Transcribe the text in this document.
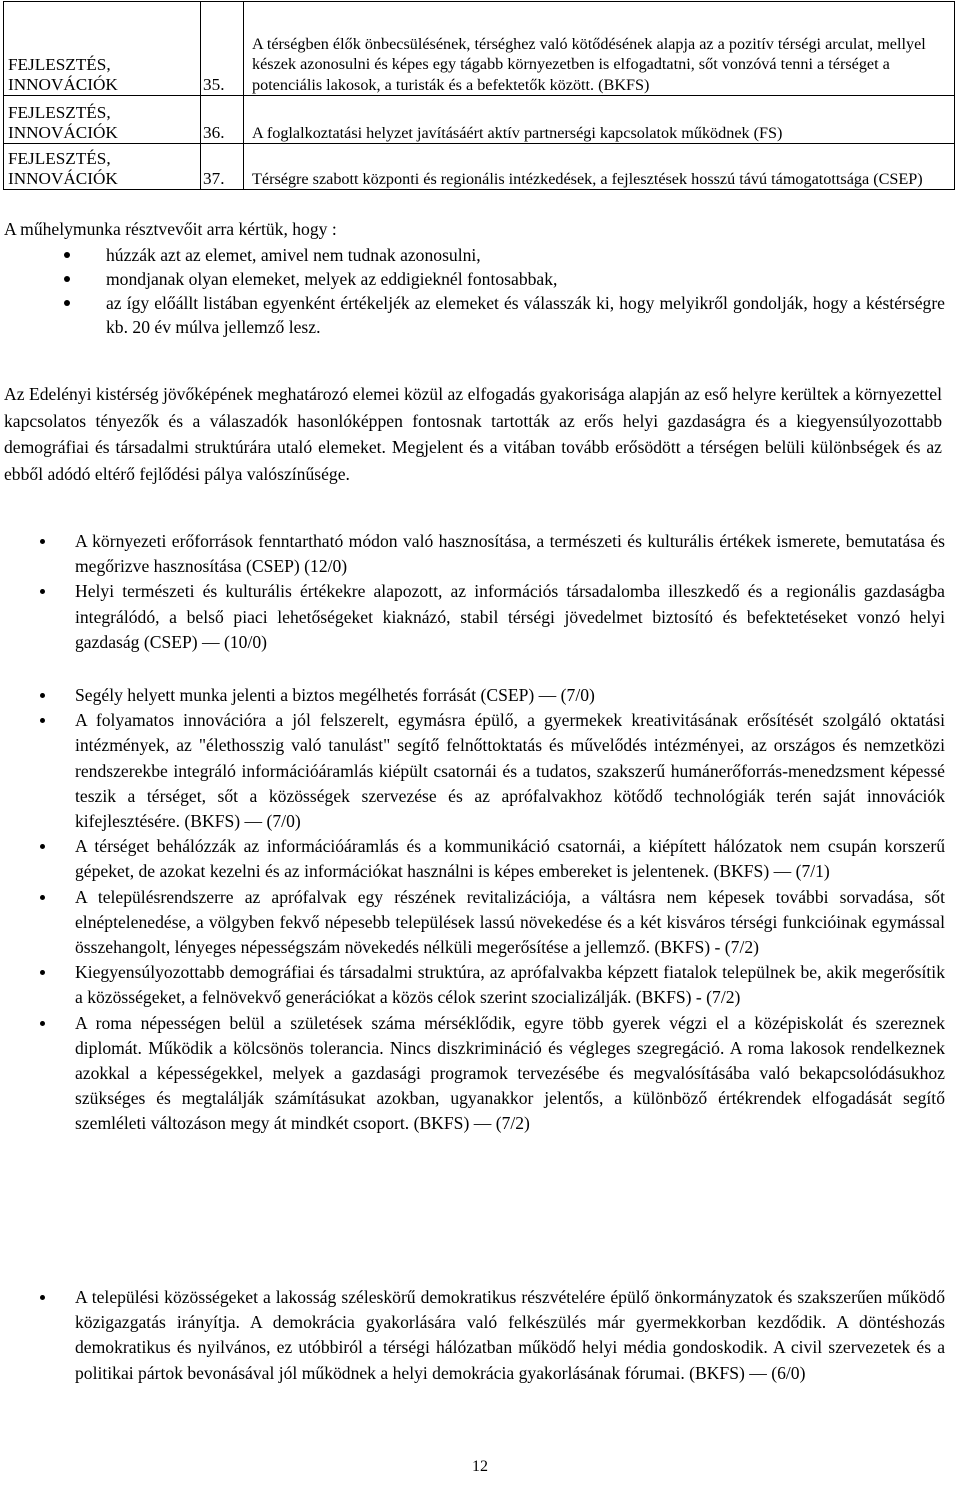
FEJLESZTÉS,
INNOVÁCIÓK	35.	A térségben élők önbecsülésének, térséghez való kötődésének alapja az a pozitív térségi arculat, mellyel készek azonosulni és képes egy tágabb környezetben is elfogadtatni, sőt vonzóvá tenni a térséget a potenciális lakosok, a turisták és a befektetők között. (BKFS)

FEJLESZTÉS,
INNOVÁCIÓK	36.	A foglalkoztatási helyzet javításáért aktív partnerségi kapcsolatok működnek (FS)

FEJLESZTÉS,
INNOVÁCIÓK	37.	Térségre szabott központi és regionális intézkedések, a fejlesztések hosszú távú támogatottsága (CSEP)
A műhelymunka résztvevőit arra kértük, hogy :
húzzák azt az elemet, amivel nem tudnak azonosulni,
mondjanak olyan elemeket, melyek az eddigieknél fontosabbak,
az így előállt listában egyenként értékeljék az elemeket és válasszák ki, hogy melyikről gondolják, hogy a késtérségre kb. 20 év múlva jellemző lesz.

Az Edelényi kistérség jövőképének meghatározó elemei közül az elfogadás gyakorisága alapján az eső helyre kerültek a környezettel kapcsolatos tényezők és a válaszadók hasonlóképpen fontosnak tartották az erős helyi gazdaságra és a kiegyensúlyozottabb demográfiai és társadalmi struktúrára utaló elemeket. Megjelent és a vitában tovább erősödött a térségen belüli különbségek és az ebből adódó eltérő fejlődési pálya valószínűsége.

A környezeti erőforrások fenntartható módon való hasznosítása, a természeti és kulturális értékek ismerete, bemutatása és megőrizve hasznosítása (CSEP) (12/0)
Helyi természeti és kulturális értékekre alapozott, az információs társadalomba illeszkedő és a regionális gazdaságba integrálódó, a belső piaci lehetőségeket kiaknázó, stabil térségi jövedelmet biztosító és befektetéseket vonzó helyi gazdaság (CSEP) — (10/0)
Segély helyett munka jelenti a biztos megélhetés forrását (CSEP) — (7/0)
A folyamatos innovációra a jól felszerelt, egymásra épülő, a gyermekek kreativitásának erősítését szolgáló oktatási intézmények, az "élethosszig való tanulást" segítő felnőttoktatás és művelődés intézményei, az országos és nemzetközi rendszerekbe integráló információáramlás kiépült csatornái és a tudatos, szakszerű humánerőforrás-menedzsment képessé teszik a térséget, sőt a közösségek szervezése és az aprófalvakhoz kötődő technológiák terén saját innovációk kifejlesztésére. (BKFS) — (7/0)
A térséget behálózzák az információáramlás és a kommunikáció csatornái, a kiépített hálózatok nem csupán korszerű gépeket, de azokat kezelni és az információkat használni is képes embereket is jelentenek. (BKFS) — (7/1)
A településrendszerre az aprófalvak egy részének revitalizációja, a váltásra nem képesek további sorvadása, sőt elnéptelenedése, a völgyben fekvő népesebb települések lassú növekedése és a két kisváros térségi funkcióinak egymással összehangolt, lényeges népességszám növekedés nélküli megerősítése a jellemző. (BKFS) - (7/2)
Kiegyensúlyozottabb demográfiai és társadalmi struktúra, az aprófalvakba képzett fiatalok települnek be, akik megerősítik a közösségeket, a felnövekvő generációkat a közös célok szerint szocializálják. (BKFS) - (7/2)
A roma népességen belül a születések száma mérséklődik, egyre több gyerek végzi el a középiskolát és szereznek diplomát. Működik a kölcsönös tolerancia. Nincs diszkrimináció és végleges szegregáció. A roma lakosok rendelkeznek azokkal a képességekkel, melyek a gazdasági programok tervezésébe és megvalósításába való bekapcsolódásukhoz szükséges és megtalálják számításukat azokban, ugyanakkor jelentős, a különböző értékrendek elfogadását segítő szemléleti változáson megy át mindkét csoport. (BKFS) — (7/2)
A települési közösségeket a lakosság széleskörű demokratikus részvételére épülő önkormányzatok és szakszerűen működő közigazgatás irányítja. A demokrácia gyakorlására való felkészülés már gyermekkorban kezdődik. A döntéshozás demokratikus és nyilvános, ez utóbbiról a térségi hálózatban működő helyi média gondoskodik. A civil szervezetek és a politikai pártok bevonásával jól működnek a helyi demokrácia gyakorlásának fórumai. (BKFS) — (6/0)
12
